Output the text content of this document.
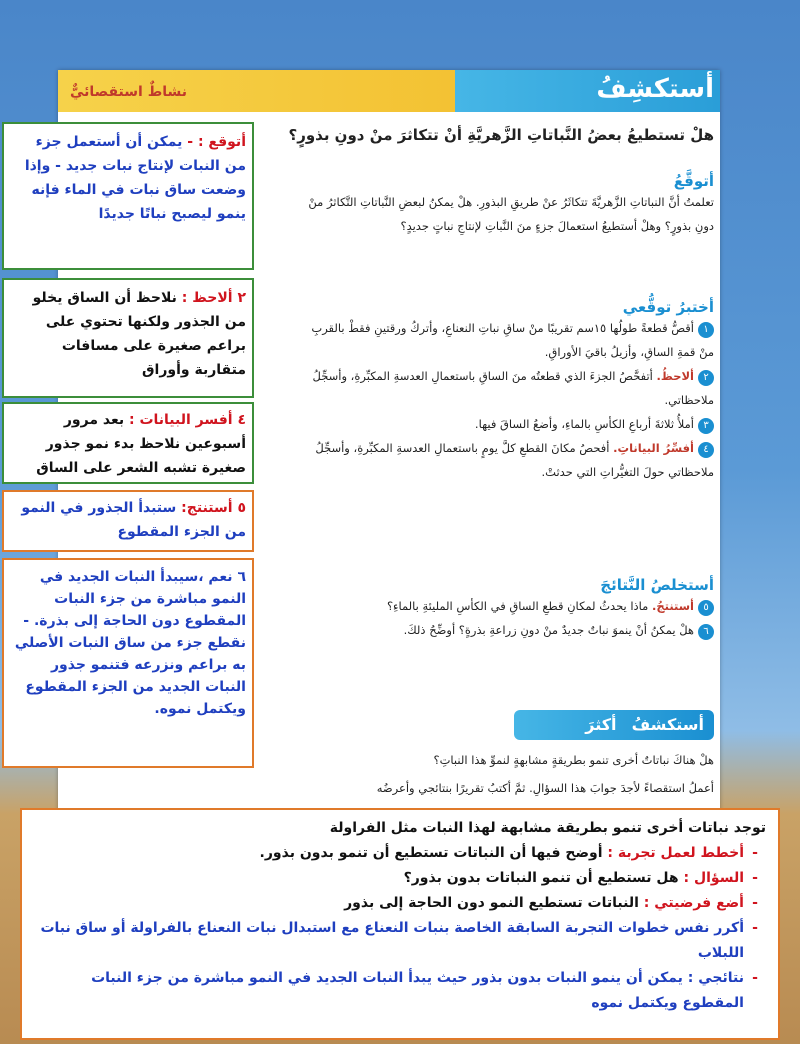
أستكشِفُ
نشاطٌ استقصائيٌّ
هلْ تستطيعُ بعضُ النَّباتاتِ الزَّهريَّةِ أنْ تتكاثرَ منْ دونِ بذورٍ؟
أتوقَّعُ
تعلمتُ أنَّ النباتاتِ الزَّهريَّةَ تتكاثَرُ عنْ طريقِ البذورِ. هلْ يمكنُ لبعضِ النَّباتاتِ التَّكاثرُ منْ دونِ بذورٍ؟ وهلْ أستطيعُ استعمالَ جزءٍ منَ النَّباتِ لإنتاجِ نباتٍ جديدٍ؟
أختبرُ توقُّعي
١أقصُّ قطعةً طولُها ١٥سم تقريبًا منْ ساقِ نباتِ النعناعِ، وأتركُ ورقتينِ فقطْ بالقربِ منْ قمةِ الساقِ، وأزيلُ باقيَ الأوراقِ.
٢ألاحظُ. أتفحَّصُ الجزءَ الذي قطعتُه منَ الساقِ باستعمالِ العدسةِ المكبِّرةِ، وأسجِّلُ ملاحظاتي.
٣أملأُ ثلاثةَ أرباعِ الكأسِ بالماءِ، وأضعُ الساقَ فيها.
٤أفسِّرُ البياناتِ. أفحصُ مكانَ القطعِ كلَّ يومٍ باستعمالِ العدسةِ المكبِّرةِ، وأسجِّلُ ملاحظاتي حولَ التغيُّراتِ التي حدثتْ.
أستخلصُ النَّتائجَ
٥أستنتجُ. ماذا يحدثُ لمكانِ قطعِ الساقِ في الكأسِ المليئةِ بالماءِ؟
٦هلْ يمكنُ أنْ ينموَ نباتٌ جديدٌ منْ دونِ زراعةِ بذرةٍ؟ أوضِّحُ ذلكَ.
أستكشفُ أكثرَ
هلْ هناكَ نباتاتٌ أخرى تنمو بطريقةٍ مشابهةٍ لنموِّ هذا النباتِ؟
أعملُ استقصاءً لأجدَ جوابَ هذا السؤالِ. ثمَّ أكتبُ تقريرًا بنتائجي وأعرضُه
أتوقع : - يمكن أن أستعمل جزء من النبات لإنتاج نبات جديد - وإذا وضعت ساق نبات في الماء فإنه ينمو ليصبح نباتًا جديدًا
٢ ألاحظ : نلاحظ أن الساق يخلو من الجذور ولكنها تحتوي على براعم صغيرة على مسافات متقاربة وأوراق
٤ أفسر البيانات : بعد مرور أسبوعين نلاحظ بدء نمو جذور صغيرة تشبه الشعر على الساق
٥ أستنتج: ستبدأ الجذور في النمو من الجزء المقطوع
٦ نعم ،سيبدأ النبات الجديد في النمو مباشرة من جزء النبات المقطوع دون الحاجة إلى بذرة. - نقطع جزء من ساق النبات الأصلي به براعم ونزرعه فتنمو جذور النبات الجديد من الجزء المقطوع ويكتمل نموه.
توجد نباتات أخرى تنمو بطريقة مشابهة لهذا النبات مثل الفراولة
-
أخطط لعمل تجربة : أوضح فيها أن النباتات تستطيع أن تنمو بدون بذور.
-
السؤال : هل تستطيع أن تنمو النباتات بدون بذور؟
-
أضع فرضيتي : النباتات تستطيع النمو دون الحاجة إلى بذور
-
أكرر نفس خطوات التجربة السابقة الخاصة بنبات النعناع مع استبدال نبات النعناع بالفراولة أو ساق نبات اللبلاب
-
نتائجي : يمكن أن ينمو النبات بدون بذور حيث يبدأ النبات الجديد في النمو مباشرة من جزء النبات المقطوع ويكتمل نموه
